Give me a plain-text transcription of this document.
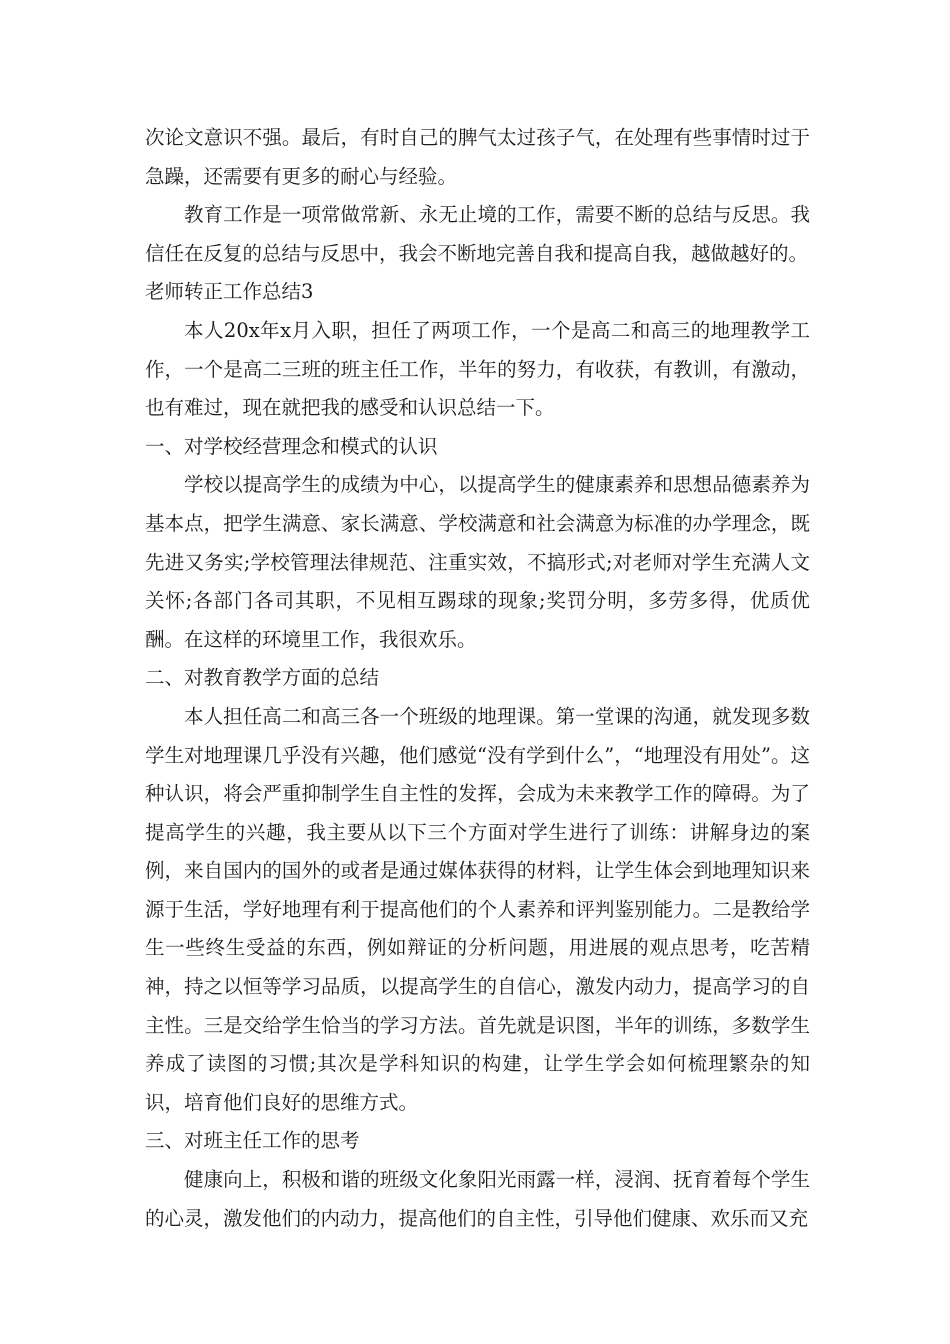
次论文意识不强。最后，有时自己的脾气太过孩子气，在处理有些事情时过于急躁，还需要有更多的耐心与经验。

教育工作是一项常做常新、永无止境的工作，需要不断的总结与反思。我信任在反复的总结与反思中，我会不断地完善自我和提高自我，越做越好的。

老师转正工作总结3

本人20x年x月入职，担任了两项工作，一个是高二和高三的地理教学工作，一个是高二三班的班主任工作，半年的努力，有收获，有教训，有激动，也有难过，现在就把我的感受和认识总结一下。

一、对学校经营理念和模式的认识

学校以提高学生的成绩为中心，以提高学生的健康素养和思想品德素养为基本点，把学生满意、家长满意、学校满意和社会满意为标准的办学理念，既先进又务实;学校管理法律规范、注重实效，不搞形式;对老师对学生充满人文关怀;各部门各司其职，不见相互踢球的现象;奖罚分明，多劳多得，优质优酬。在这样的环境里工作，我很欢乐。

二、对教育教学方面的总结

本人担任高二和高三各一个班级的地理课。第一堂课的沟通，就发现多数学生对地理课几乎没有兴趣，他们感觉“没有学到什么”，“地理没有用处”。这种认识，将会严重抑制学生自主性的发挥，会成为未来教学工作的障碍。为了提高学生的兴趣，我主要从以下三个方面对学生进行了训练：讲解身边的案例，来自国内的国外的或者是通过媒体获得的材料，让学生体会到地理知识来源于生活，学好地理有利于提高他们的个人素养和评判鉴别能力。二是教给学生一些终生受益的东西，例如辩证的分析问题，用进展的观点思考，吃苦精神，持之以恒等学习品质，以提高学生的自信心，激发内动力，提高学习的自主性。三是交给学生恰当的学习方法。首先就是识图，半年的训练，多数学生养成了读图的习惯;其次是学科知识的构建，让学生学会如何梳理繁杂的知识，培育他们良好的思维方式。

三、对班主任工作的思考

健康向上，积极和谐的班级文化象阳光雨露一样，浸润、抚育着每个学生的心灵，激发他们的内动力，提高他们的自主性，引导他们健康、欢乐而又充
